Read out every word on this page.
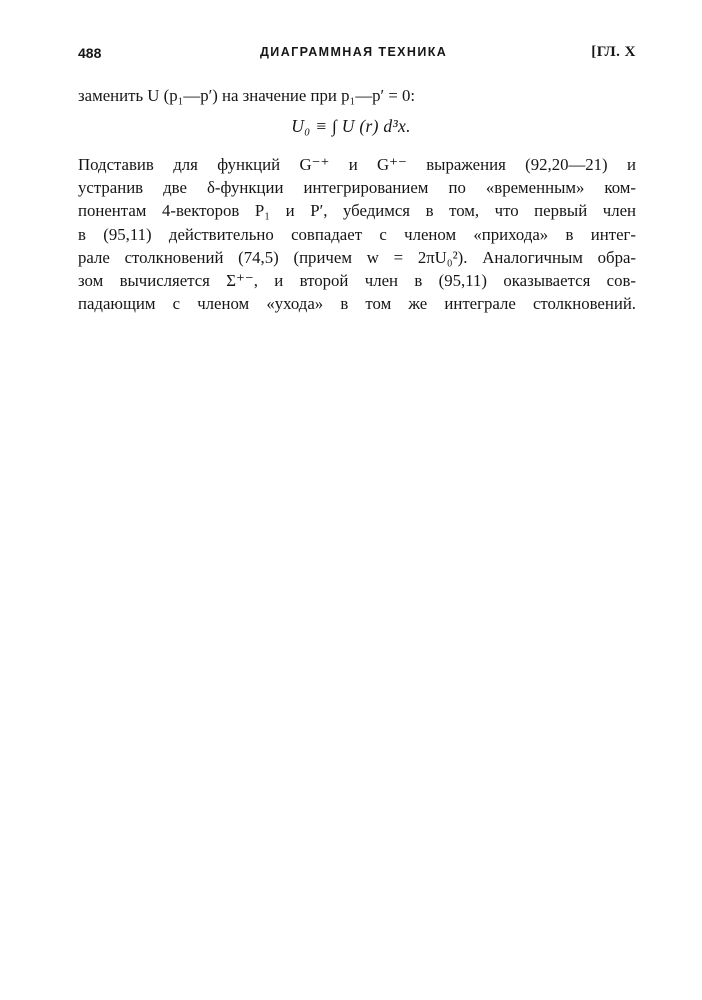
488	ДИАГРАММНАЯ ТЕХНИКА	[ГЛ. X
заменить U (p₁—p′) на значение при p₁—p′ = 0:
U₀ ≡ ∫ U (r) d³x.
Подставив для функций G⁻⁺ и G⁺⁻ выражения (92,20—21) и
устранив две δ-функции интегрированием по «временным» ком-
понентам 4-векторов P₁ и P′, убедимся в том, что первый член
в (95,11) действительно совпадает с членом «прихода» в интег-
рале столкновений (74,5) (причем w = 2πU₀²). Аналогичным обра-
зом вычисляется Σ⁺⁻, и второй член в (95,11) оказывается сов-
падающим с членом «ухода» в том же интеграле столкновений.
